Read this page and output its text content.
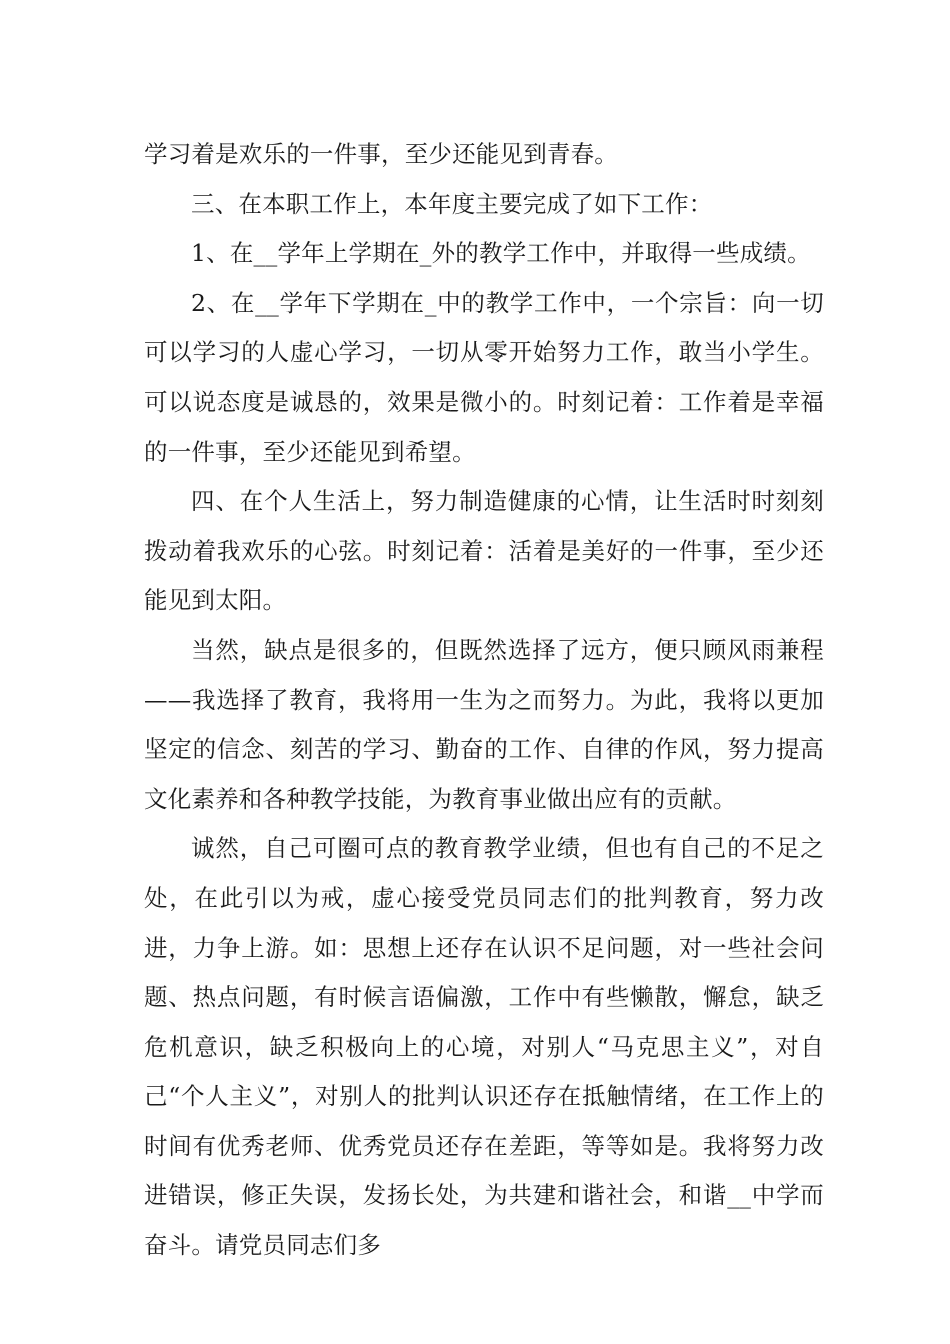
学习着是欢乐的一件事，至少还能见到青春。

三、在本职工作上，本年度主要完成了如下工作：

1、在__学年上学期在_外的教学工作中，并取得一些成绩。

2、在__学年下学期在_中的教学工作中，一个宗旨：向一切可以学习的人虚心学习，一切从零开始努力工作，敢当小学生。可以说态度是诚恳的，效果是微小的。时刻记着：工作着是幸福的一件事，至少还能见到希望。

四、在个人生活上，努力制造健康的心情，让生活时时刻刻拨动着我欢乐的心弦。时刻记着：活着是美好的一件事，至少还能见到太阳。

当然，缺点是很多的，但既然选择了远方，便只顾风雨兼程——我选择了教育，我将用一生为之而努力。为此，我将以更加坚定的信念、刻苦的学习、勤奋的工作、自律的作风，努力提高文化素养和各种教学技能，为教育事业做出应有的贡献。

诚然，自己可圈可点的教育教学业绩，但也有自己的不足之处，在此引以为戒，虚心接受党员同志们的批判教育，努力改进，力争上游。如：思想上还存在认识不足问题，对一些社会问题、热点问题，有时候言语偏激，工作中有些懒散，懈怠，缺乏危机意识，缺乏积极向上的心境，对别人“马克思主义”，对自己“个人主义”，对别人的批判认识还存在抵触情绪，在工作上的时间有优秀老师、优秀党员还存在差距，等等如是。我将努力改进错误，修正失误，发扬长处，为共建和谐社会，和谐__中学而奋斗。请党员同志们多
